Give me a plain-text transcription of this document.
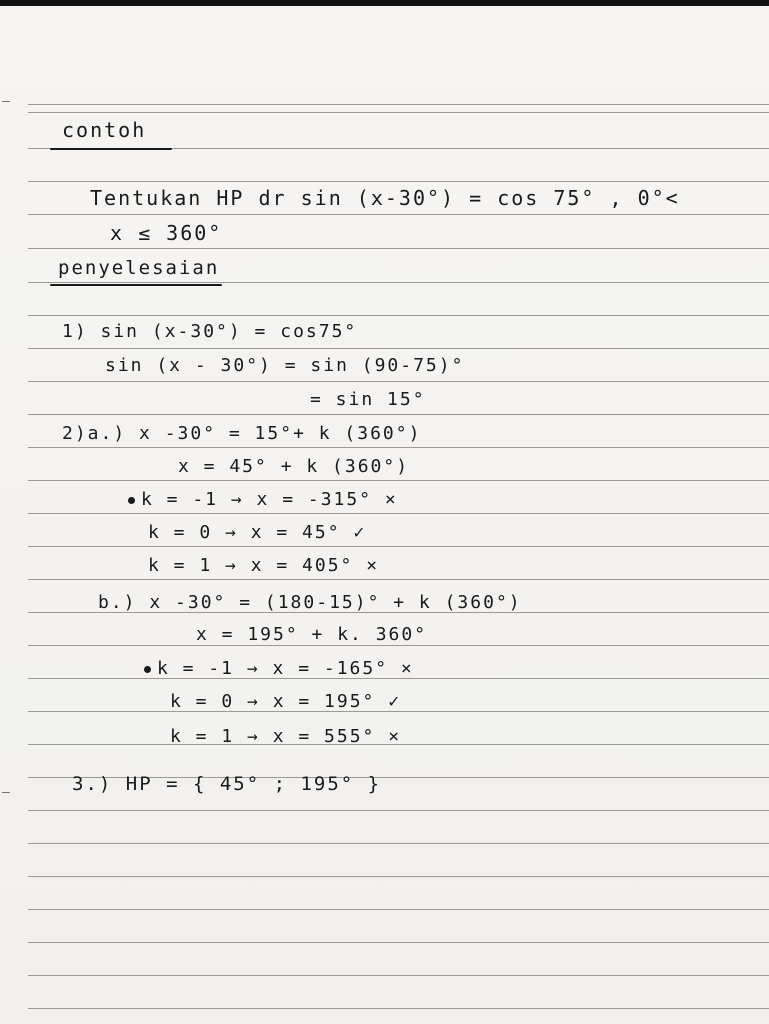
contoh
Tentukan HP dr sin (x-30°) = cos 75° , 0°<
x ≤ 360°
penyelesaian
1) sin (x-30°) = cos75°
sin (x - 30°) = sin (90-75)°
= sin 15°
2)a.) x -30° = 15°+ k (360°)
x = 45° + k (360°)
k = -1 → x = -315° ×
k = 0 → x = 45° ✓
k = 1 → x = 405° ×
b.) x -30° = (180-15)° + k (360°)
x = 195° + k. 360°
k = -1 → x = -165° ×
k = 0 → x = 195° ✓
k = 1 → x = 555° ×
3.) HP = { 45° ; 195° }
